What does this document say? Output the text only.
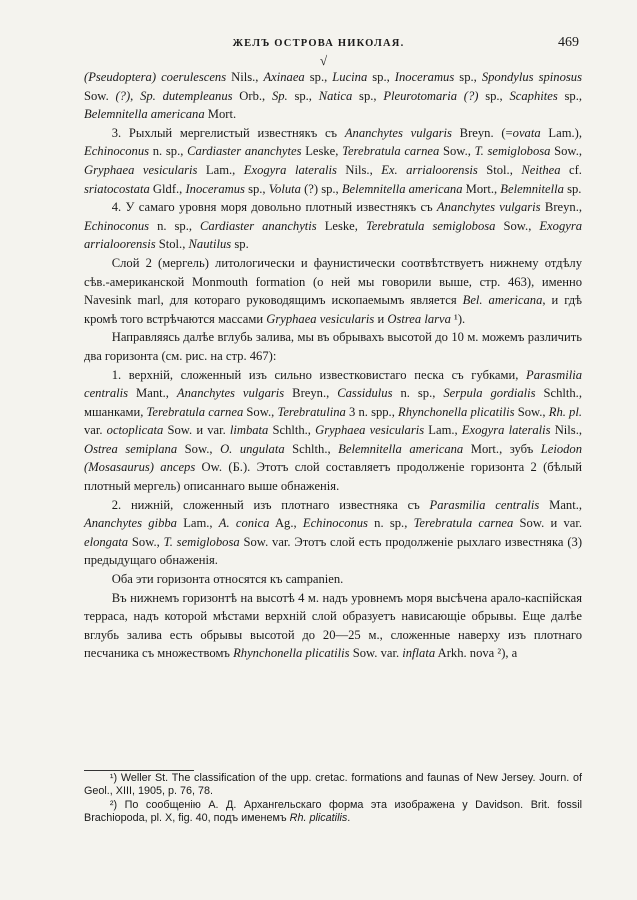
ЖЕЛЪ ОСТРОВА НИКОЛАЯ.	469
√

(Pseudoptera) coerulescens Nils., Axinaea sp., Lucina sp., Inoceramus sp., Spondylus spinosus Sow. (?), Sp. dutempleanus Orb., Sp. sp., Natica sp., Pleurotomaria (?) sp., Scaphites sp., Belemnitella americana Mort.

3. Рыхлый мергелистый известнякъ съ Ananchytes vulgaris Breyn. (=ovata Lam.), Echinoconus n. sp., Cardiaster ananchytes Leske, Terebratula carnea Sow., T. semiglobosa Sow., Gryphaea vesicularis Lam., Exogyra lateralis Nils., Ex. arrialoorensis Stol., Neithea cf. sriatocostata Gldf., Inoceramus sp., Voluta (?) sp., Belemnitella americana Mort., Belemnitella sp.

4. У самаго уровня моря довольно плотный известнякъ съ Ananchytes vulgaris Breyn., Echinoconus n. sp., Cardiaster ananchytis Leske, Terebratula semiglobosa Sow., Exogyra arrialoorensis Stol., Nautilus sp.

Слой 2 (мергель) литологически и фаунистически соотвѣтствуетъ нижнему отдѣлу сѣв.-американской Monmouth formation (о ней мы говорили выше, стр. 463), именно Navesink marl, для котораго руководящимъ ископаемымъ является Bel. americana, и гдѣ кромѣ того встрѣчаются массами Gryphaea vesicularis и Ostrea larva ¹).

Направляясь далѣе вглубь залива, мы въ обрывахъ высотой до 10 м. можемъ различить два горизонта (см. рис. на стр. 467):

1. верхній, сложенный изъ сильно известковистаго песка съ губками, Parasmilia centralis Mant., Ananchytes vulgaris Breyn., Cassidulus n. sp., Serpula gordialis Schlth., мшанками, Terebratula carnea Sow., Terebratulina 3 n. spp., Rhynchonella plicatilis Sow., Rh. pl. var. octoplicata Sow. и var. limbata Schlth., Gryphaea vesicularis Lam., Exogyra lateralis Nils., Ostrea semiplana Sow., O. ungulata Schlth., Belemnitella americana Mort., зубъ Leiodon (Mosasaurus) anceps Ow. (Б.). Этотъ слой составляетъ продолженіе горизонта 2 (бѣлый плотный мергель) описаннаго выше обнаженія.

2. нижній, сложенный изъ плотнаго известняка съ Parasmilia centralis Mant., Ananchytes gibba Lam., A. conica Ag., Echinoconus n. sp., Terebratula carnea Sow. и var. elongata Sow., T. semiglobosa Sow. var. Этотъ слой есть продолженіе рыхлаго известняка (3) предыдущаго обнаженія.

Оба эти горизонта относятся къ campanien.

Въ нижнемъ горизонтѣ на высотѣ 4 м. надъ уровнемъ моря высѣчена арало-каспійская терраса, надъ которой мѣстами верхній слой образуетъ нависающіе обрывы. Еще далѣе вглубь залива есть обрывы высотой до 20—25 м., сложенные наверху изъ плотнаго песчаника съ множествомъ Rhynchonella plicatilis Sow. var. inflata Arkh. nova ²), а

¹) Weller St. The classification of the upp. cretac. formations and faunas of New Jersey. Journ. of Geol., XIII, 1905, p. 76, 78.

²) По сообщенію А. Д. Архангельскаго форма эта изображена у Davidson. Brit. fossil Brachiopoda, pl. X, fig. 40, подъ именемъ Rh. plicatilis.
